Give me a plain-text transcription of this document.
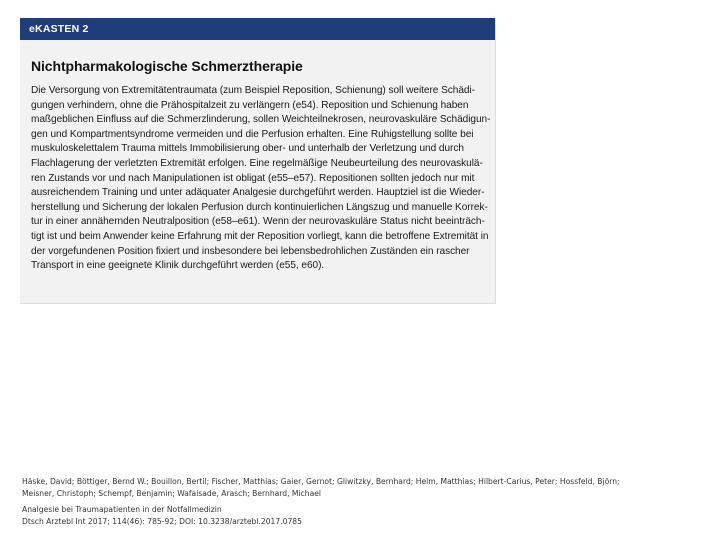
eKASTEN 2
Nichtpharmakologische Schmerztherapie
Die Versorgung von Extremitätentraumata (zum Beispiel Reposition, Schienung) soll weitere Schädi-
gungen verhindern, ohne die Prähospitalzeit zu verlängern (e54). Reposition und Schienung haben
maßgeblichen Einfluss auf die Schmerzlinderung, sollen Weichteilnekrosen, neurovaskuläre Schädigun-
gen und Kompartmentsyndrome vermeiden und die Perfusion erhalten. Eine Ruhigstellung sollte bei
muskuloskelettalem Trauma mittels Immobilisierung ober- und unterhalb der Verletzung und durch
Flachlagerung der verletzten Extremität erfolgen. Eine regelmäßige Neubeurteilung des neurovaskulä-
ren Zustands vor und nach Manipulationen ist obligat (e55–e57). Repositionen sollten jedoch nur mit
ausreichendem Training und unter adäquater Analgesie durchgeführt werden. Hauptziel ist die Wieder-
herstellung und Sicherung der lokalen Perfusion durch kontinuierlichen Längszug und manuelle Korrek-
tur in einer annähernden Neutralposition (e58–e61). Wenn der neurovaskuläre Status nicht beeinträch-
tigt ist und beim Anwender keine Erfahrung mit der Reposition vorliegt, kann die betroffene Extremität in
der vorgefundenen Position fixiert und insbesondere bei lebensbedrohlichen Zuständen ein rascher
Transport in eine geeignete Klinik durchgeführt werden (e55, e60).
Häske, David; Böttiger, Bernd W.; Bouillon, Bertil; Fischer, Matthias; Gaier, Gernot; Gliwitzky, Bernhard; Helm, Matthias; Hilbert-Carius, Peter; Hossfeld, Björn;
Meisner, Christoph; Schempf, Benjamin; Wafaisade, Arasch; Bernhard, Michael
Analgesie bei Traumapatienten in der Notfallmedizin
Dtsch Arztebl Int 2017; 114(46): 785-92; DOI: 10.3238/arztebl.2017.0785
